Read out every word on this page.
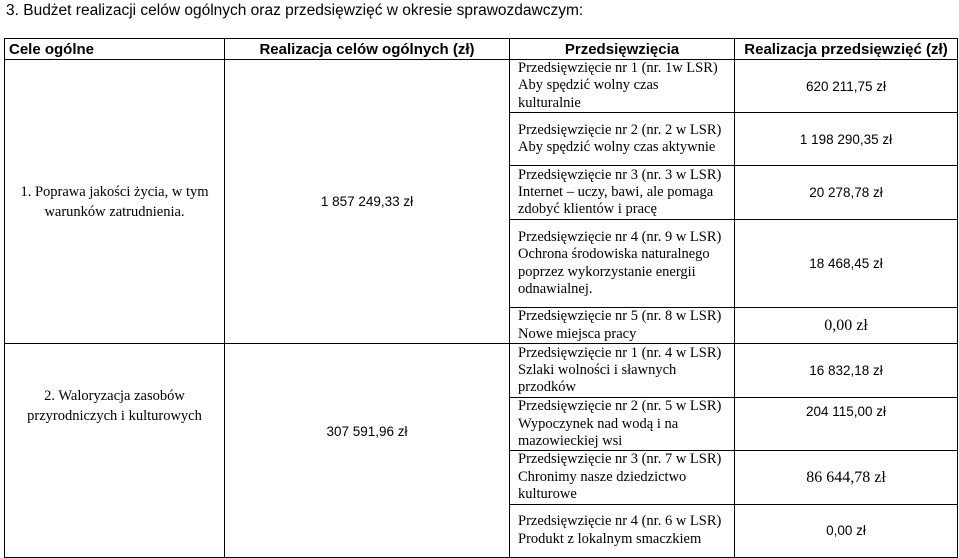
3. Budżet realizacji celów ogólnych oraz przedsięwzięć w okresie sprawozdawczym:
Cele ogólne	Realizacja celów ogólnych (zł)	Przedsięwzięcia	Realizacja przedsięwzięć (zł)
1. Poprawa jakości życia, w tym warunków zatrudnienia.	1 857 249,33 zł	Przedsięwzięcie nr 1 (nr. 1w LSR) Aby spędzić wolny czas kulturalnie	620 211,75 zł
		Przedsięwzięcie nr 2 (nr. 2 w LSR) Aby spędzić wolny czas aktywnie	1 198 290,35 zł
		Przedsięwzięcie nr 3 (nr. 3 w LSR) Internet – uczy, bawi, ale pomaga zdobyć klientów i pracę	20 278,78 zł
		Przedsięwzięcie nr 4 (nr. 9 w LSR) Ochrona środowiska naturalnego poprzez wykorzystanie energii odnawialnej.	18 468,45 zł
		Przedsięwzięcie nr 5 (nr. 8 w LSR) Nowe miejsca pracy	0,00 zł
2. Waloryzacja zasobów przyrodniczych i kulturowych	307 591,96 zł	Przedsięwzięcie nr 1 (nr. 4 w LSR) Szlaki wolności i sławnych przodków	16 832,18 zł
		Przedsięwzięcie nr 2 (nr. 5 w LSR) Wypoczynek nad wodą i na mazowieckiej wsi	204 115,00 zł
		Przedsięwzięcie nr 3 (nr. 7 w LSR) Chronimy nasze dziedzictwo kulturowe	86 644,78 zł
		Przedsięwzięcie nr 4 (nr. 6 w LSR) Produkt z lokalnym smaczkiem	0,00 zł
